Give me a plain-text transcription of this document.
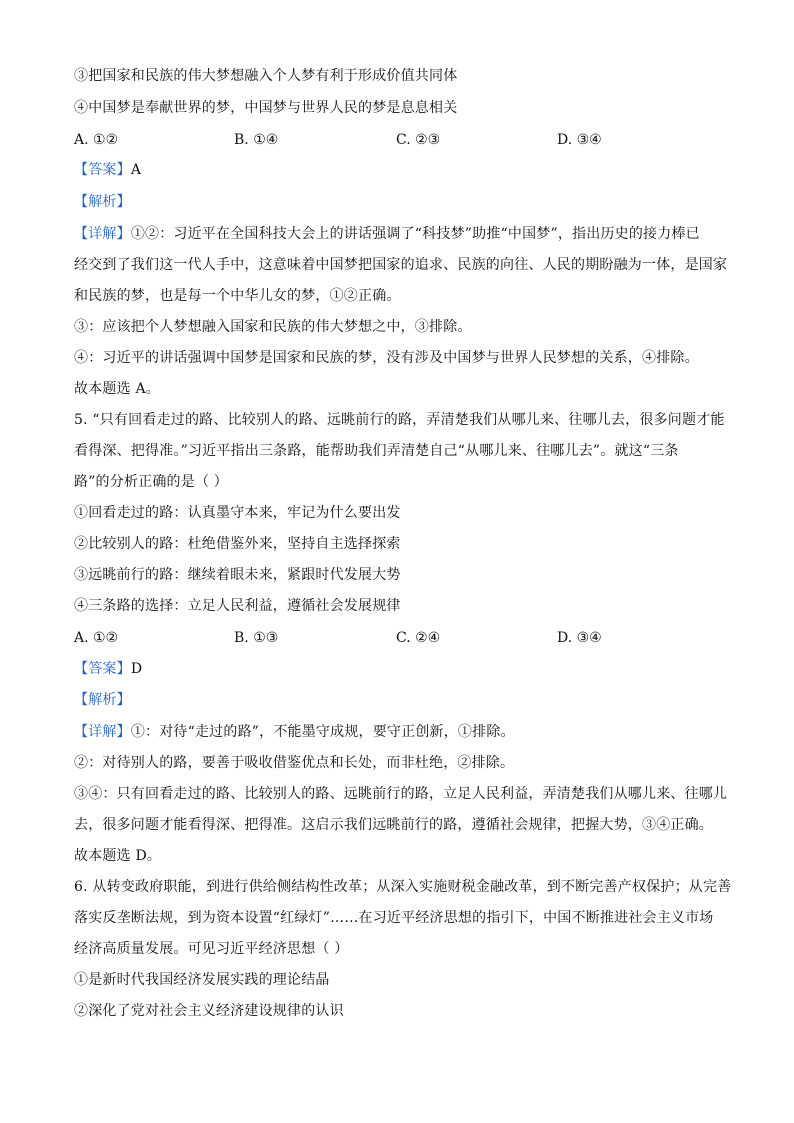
③把国家和民族的伟大梦想融入个人梦有利于形成价值共同体
④中国梦是奉献世界的梦，中国梦与世界人民的梦是息息相关
A. ①②	B. ①④	C. ②③	D. ③④
【答案】A
【解析】
【详解】①②：习近平在全国科技大会上的讲话强调了“科技梦”助推“中国梦”，指出历史的接力棒已
经交到了我们这一代人手中，这意味着中国梦把国家的追求、民族的向往、人民的期盼融为一体，是国家
和民族的梦，也是每一个中华儿女的梦，①②正确。
③：应该把个人梦想融入国家和民族的伟大梦想之中，③排除。
④：习近平的讲话强调中国梦是国家和民族的梦，没有涉及中国梦与世界人民梦想的关系，④排除。
故本题选 A。
5. “只有回看走过的路、比较别人的路、远眺前行的路，弄清楚我们从哪儿来、往哪儿去，很多问题才能
看得深、把得准。”习近平指出三条路，能帮助我们弄清楚自己“从哪儿来、往哪儿去”。就这“三条
路”的分析正确的是（ ）
①回看走过的路：认真墨守本来，牢记为什么要出发
②比较别人的路：杜绝借鉴外来，坚持自主选择探索
③远眺前行的路：继续着眼未来，紧跟时代发展大势
④三条路的选择：立足人民利益，遵循社会发展规律
A. ①②	B. ①③	C. ②④	D. ③④
【答案】D
【解析】
【详解】①：对待“走过的路”，不能墨守成规，要守正创新，①排除。
②：对待别人的路，要善于吸收借鉴优点和长处，而非杜绝，②排除。
③④：只有回看走过的路、比较别人的路、远眺前行的路，立足人民利益，弄清楚我们从哪儿来、往哪儿
去，很多问题才能看得深、把得准。这启示我们远眺前行的路，遵循社会规律，把握大势，③④正确。
故本题选 D。
6. 从转变政府职能，到进行供给侧结构性改革；从深入实施财税金融改革，到不断完善产权保护；从完善
落实反垄断法规，到为资本设置“红绿灯”……在习近平经济思想的指引下，中国不断推进社会主义市场
经济高质量发展。可见习近平经济思想（ ）
①是新时代我国经济发展实践的理论结晶
②深化了党对社会主义经济建设规律的认识
